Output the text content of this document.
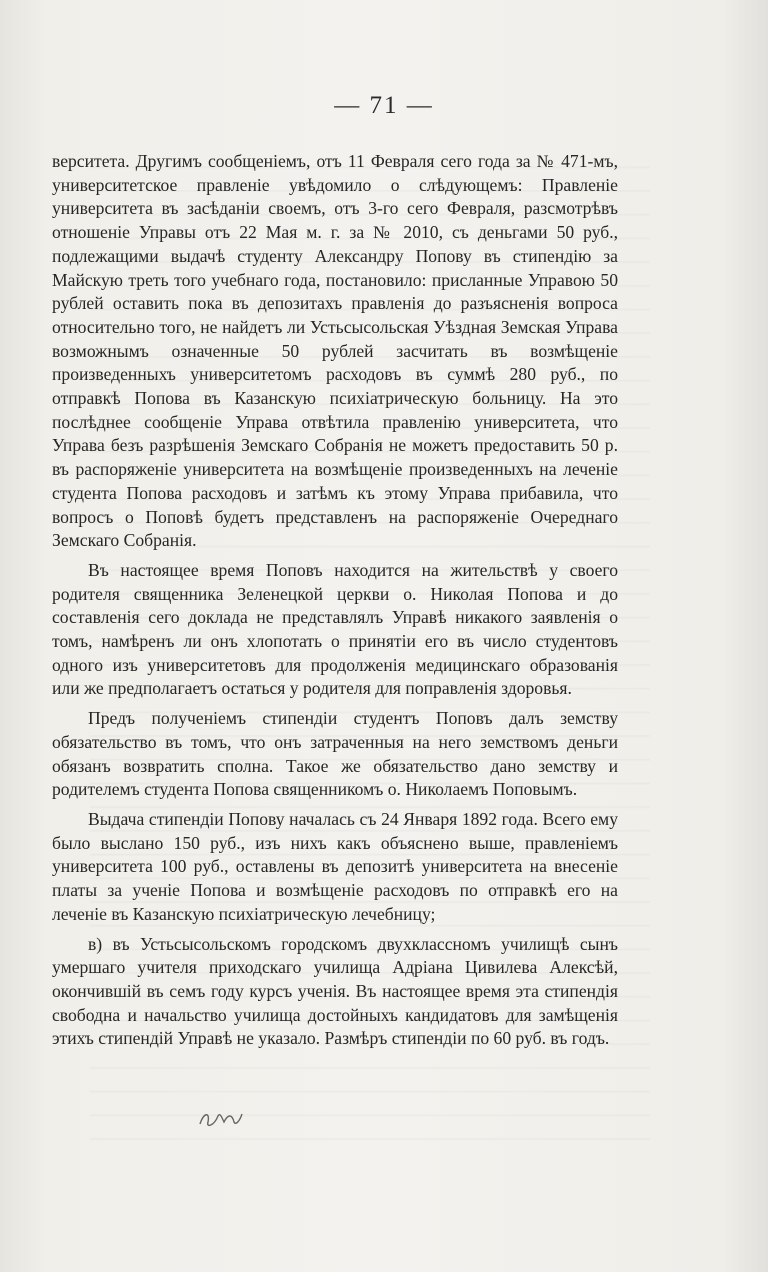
— 71 —

верситета. Другимъ сообщеніемъ, отъ 11 Февраля сего года за № 471-мъ, университетское правленіе увѣдомило о слѣдующемъ: Правленіе университета въ засѣданіи своемъ, отъ 3-го сего Февраля, разсмотрѣвъ отношеніе Управы отъ 22 Мая м. г. за № 2010, съ деньгами 50 руб., подлежащими выдачѣ студенту Александру Попову въ стипендію за Майскую треть того учебнаго года, постановило: присланные Управою 50 рублей оставить пока въ депозитахъ правленія до разъясненія вопроса относительно того, не найдетъ ли Устьсысольская Уѣздная Земская Управа возможнымъ означенные 50 рублей засчитать въ возмѣщеніе произведенныхъ университетомъ расходовъ въ суммѣ 280 руб., по отправкѣ Попова въ Казанскую психіатрическую больницу. На это послѣднее сообщеніе Управа отвѣтила правленію университета, что Управа безъ разрѣшенія Земскаго Собранія не можетъ предоставить 50 р. въ распоряженіе университета на возмѣщеніе произведенныхъ на леченіе студента Попова расходовъ и затѣмъ къ этому Управа прибавила, что вопросъ о Поповѣ будетъ представленъ на распоряженіе Очереднаго Земскаго Собранія.

Въ настоящее время Поповъ находится на жительствѣ у своего родителя священника Зеленецкой церкви о. Николая Попова и до составленія сего доклада не представлялъ Управѣ никакого заявленія о томъ, намѣренъ ли онъ хлопотать о принятіи его въ число студентовъ одного изъ университетовъ для продолженія медицинскаго образованія или же предполагаетъ остаться у родителя для поправленія здоровья.

Предъ полученіемъ стипендіи студентъ Поповъ далъ земству обязательство въ томъ, что онъ затраченныя на него земствомъ деньги обязанъ возвратить сполна. Такое же обязательство дано земству и родителемъ студента Попова священникомъ о. Николаемъ Поповымъ.

Выдача стипендіи Попову началась съ 24 Января 1892 года. Всего ему было выслано 150 руб., изъ нихъ какъ объяснено выше, правленіемъ университета 100 руб., оставлены въ депозитѣ университета на внесеніе платы за ученіе Попова и возмѣщеніе расходовъ по отправкѣ его на леченіе въ Казанскую психіатрическую лечебницу;

в) въ Устьсысольскомъ городскомъ двухклассномъ училищѣ сынъ умершаго учителя приходскаго училища Адріана Цивилева Алексѣй, окончившій въ семъ году курсъ ученія. Въ настоящее время эта стипендія свободна и начальство училища достойныхъ кандидатовъ для замѣщенія этихъ стипендій Управѣ не указало. Размѣръ стипендіи по 60 руб. въ годъ.
